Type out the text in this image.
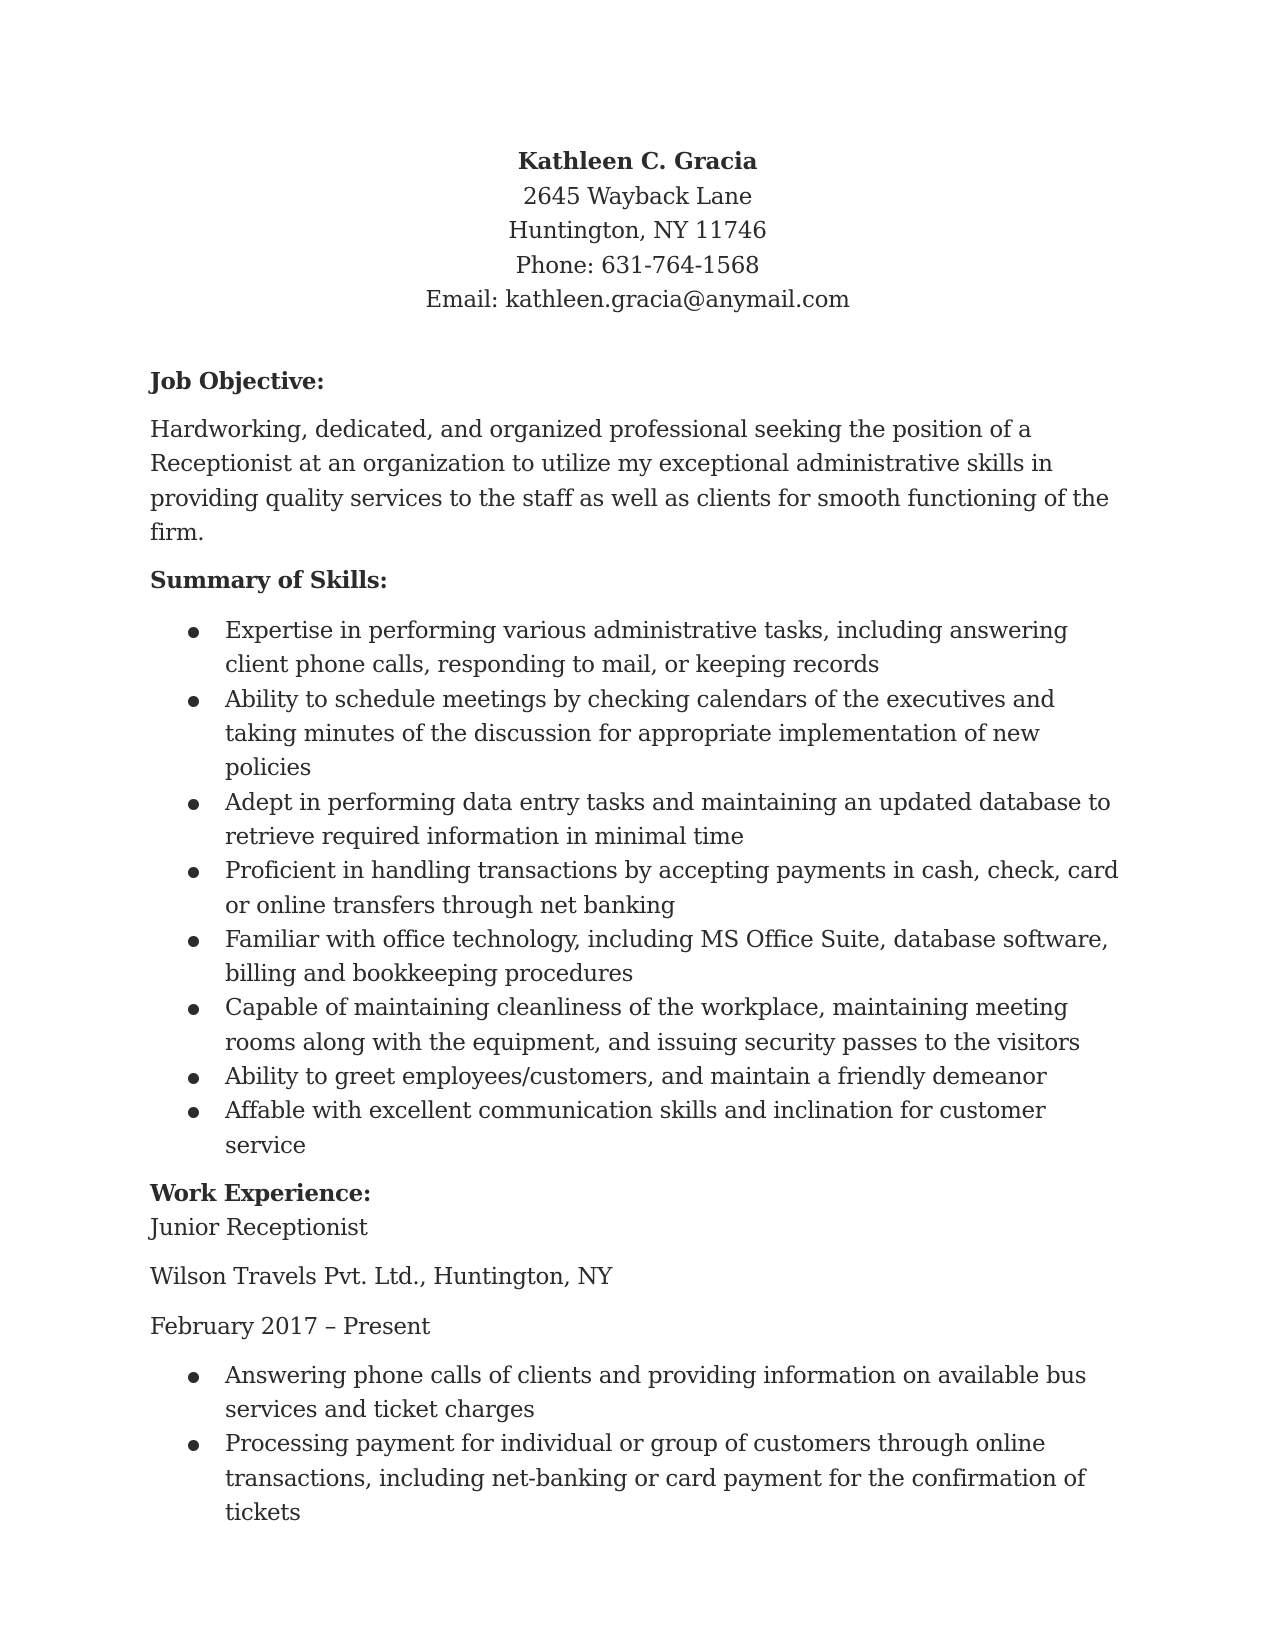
Kathleen C. Gracia
2645 Wayback Lane
Huntington, NY 11746
Phone: 631-764-1568
Email: kathleen.gracia@anymail.com

Job Objective:

Hardworking, dedicated, and organized professional seeking the position of a Receptionist at an organization to utilize my exceptional administrative skills in providing quality services to the staff as well as clients for smooth functioning of the firm.

Summary of Skills:

Expertise in performing various administrative tasks, including answering client phone calls, responding to mail, or keeping records
Ability to schedule meetings by checking calendars of the executives and taking minutes of the discussion for appropriate implementation of new policies
Adept in performing data entry tasks and maintaining an updated database to retrieve required information in minimal time
Proficient in handling transactions by accepting payments in cash, check, card or online transfers through net banking
Familiar with office technology, including MS Office Suite, database software, billing and bookkeeping procedures
Capable of maintaining cleanliness of the workplace, maintaining meeting rooms along with the equipment, and issuing security passes to the visitors
Ability to greet employees/customers, and maintain a friendly demeanor
Affable with excellent communication skills and inclination for customer service

Work Experience:

Junior Receptionist

Wilson Travels Pvt. Ltd., Huntington, NY

February 2017 – Present

Answering phone calls of clients and providing information on available bus services and ticket charges
Processing payment for individual or group of customers through online transactions, including net-banking or card payment for the confirmation of tickets
